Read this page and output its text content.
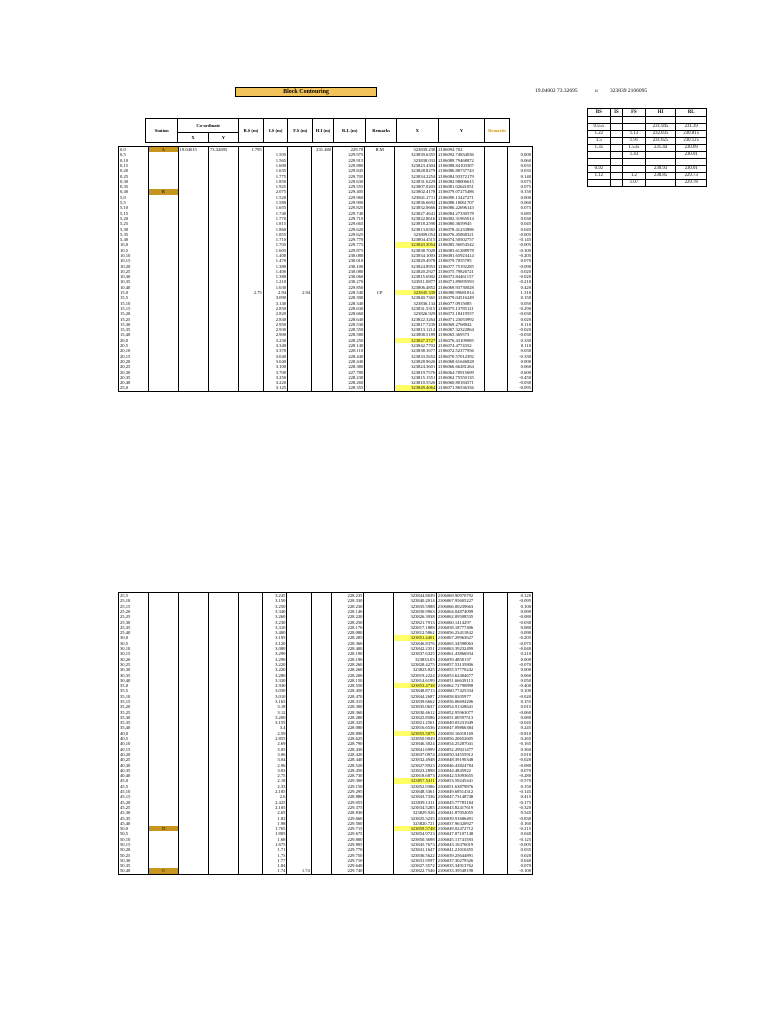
Block Contouring	19.04002 73.32695	u 323839 2106095
Station	Co-ordinate		B.S (m)	I.S (m)	F.S (m)	H.I (m)	R.L (m)	Remarks	X	Y	Remarks
	X	Y									
0,0	A	19.04015	73.32695	1.795			231.480	229.78	B.M	323839.238	2106094.702		
0,5					1.505			229.975		323839.6355	2106092.74834036		0.000
0,10					1.565			229.915		323838.033	2106089.79468872		0.060
0,15					1.600			229.880		323823.4304	2106088.84103307		0.035
0,20					1.635			229.845		323828.8279	2106086.88737743		0.035
0,25					1.775			229.705		323834.2254	2106084.93372179		0.140
0,30					1.850			229.630		323831.6229	2106082.98006615		0.075
0,35					1.925			229.555		323807.0203	2106081.02641051		0.075
0,40	B				2.075			229.405		323802.4178	2106079.07275486		0.150
5,0					1.520			229.960		323841.2711	2106090.13427271		0.000
5,5					1.580			229.900		323836.6692	2106088.18061707		0.060
5,10					1.655			229.825		323832.0666	2106086.22696143		0.075
5,15					1.740			229.740		323827.4641	2106084.27330578		0.085
5,20					1.770			229.710		323822.8616	2106082.31965014		0.030
5,25					1.815			229.665		323818.2590	2106080.3659945		0.045
5,30					1.860			229.620		323813.6565	2106078.41233886		0.045
5,35					1.855			229.625		323809.054	2106076.45868321		-0.005
5,40					1.710			229.770		323804.4515	2106074.50502757		-0.145
10,0					1.705			229.775		323843.3054	2106085.56054542		-0.005
10,5					1.605			229.875		323838.7028	2106083.61288978		-0.100
10,10					1.400			230.080		323834.1003	2106081.65923414		-0.205
10,15					1.470			230.010		323829.4978	2106079.7055785		0.070
10,20					1.380			230.100		323824.8953	2106077.75192285		-0.090
10,25					1.400			230.080		323820.2927	2106075.79826721		0.020
10,30					1.380			230.060		323815.6902	2106073.84461157		-0.020
10,35					1.210			230.270		323811.0877	2106071.89095593		-0.210
10,40					1.630			229.850		323806.4852	2106069.93730028		0.420
15,0				2.75	2.94	2.94		228.540	CP	323845.339	2106080.99681814		1.310
15,5					3.090			228.390		323840.7365	2106079.04516249		0.150
15,10					3.140			228.340		323836.134	2106077.0915085		0.050
15,15					2.850			228.630		323831.5315	2106075.13785121		-0.290
15,20					2.820			228.660		323826.929	2106073.18419557		-0.030
15,25					2.840			228.640		323822.3264	2106071.23053992		0.020
15,30					2.950			228.530		323817.7239	2106069.2768842		0.110
15,35					2.930			228.550		323813.1214	2106067.32322864		-0.020
15,40					2.900			228.580		323808.5189	2106065.369573		-0.030
20,0					3.230			228.250		323847.3727	2106076.43109085		0.330
20,5					3.340			228.140		323842.7702	2106074.4774352		0.110
20,10					3.370			228.110		323838.1677	2106072.52377956		0.030
20,15					3.040			228.440		323833.5652	2106070.57012392		-0.330
20,20					3.040			228.440		323828.9626	2106068.61646828		0.000
20,25					3.100			228.380		323824.3601	2106066.66281264		0.060
20,30					3.700			227.780		323819.7576	2106064.70915699		0.600
20,35					3.250			228.230		323815.1551	2106062.75550135		-0.450
20,40					3.220			228.260		323810.5526	2106060.80184571		-0.030
25,0					3.125			228.355		323849.4064	2106071.86536356		-0.095
25,5					3.245			228.235		323844.8039	2106069.90970792		0.120
25,10					3.150			228.330		323840.2014	2106067.95605227		-0.095
25,15					3.250			228.230		323835.5988	2106066.00239663		0.100
25,20					3.340			228.140		323830.9963	2106064.04874099		0.090
25,25					3.260			228.220		323826.3938	2106062.09508535		-0.080
25,30					3.230			228.250		323821.7913	2106060.1414297		-0.030
25,35					3.310			228.170		323817.1888	2106058.18777406		0.080
25,40					3.400			228.080		323812.5862	2106056.23411842		0.090
30,0					3.195			228.285		323851.4401	2106067.29963627		-0.205
30,5					3.120			228.360		323846.8376	2106065.34598063		-0.075
30,10					3.080			228.400		323842.2351	2106063.39232499		-0.040
30,15					3.290			228.190		323837.6325	2106061.43866934		0.210
30,20					3.290			228.190		323833.03	2106059.4850137		0.000
30,25					3.220			228.260		323828.4275	2106057.53135806		-0.070
30,30					3.220			228.260		323823.825	2106055.57770242		0.000
30,35					3.280			228.200		323819.2224	2106053.62404677		0.060
30,40					3.330			228.150		323814.6199	2106051.66639113		0.050
35,0					2.930			228.550		323853.4738	2106062.72790898		-0.400
35,5					3.030			228.450		323848.8713	2106060.77425334		0.100
35,10					3.010			228.470		323844.2687	2106058.8205977		-0.020
35,15					3.165			228.315		323839.6662	2106056.86694206		0.155
35,20					3.18			228.300		323835.0637	2106054.91328641		0.015
35,25					3.12			228.360		323830.4612	2106052.95963077		-0.060
35,30					3.200			228.280		323825.8586	2106051.00597513		0.080
35,35					3.155			228.325		323821.2561	2106049.05231949		-0.045
35,40					3.4			228.080		323816.6536	2106047.09866384		0.245
40,0					2.59			228.890		323855.5075	2106058.16018169		-0.810
40,5					2.855			228.625		323850.9049	2106056.20652605		0.265
40,10					2.69			228.790		323846.3024	2106054.25287041		-0.165
40,15					3.05			228.430		323841.6999	2106052.29921477		0.360
40,20					3.06			228.420		323837.0974	2106050.34555912		0.010
40,25					3.04			228.440		323832.4948	2106048.39190348		-0.020
40,30					2.96			228.520		323827.8923	2106046.43824784		-0.080
40,35					3.03			228.450		323823.2898	2106044.4845922		0.070
40,40					2.75			228.730		323818.6873	2106042.53093655		-0.280
45,0					2.18			229.300		323857.5411	2106053.59245441		-0.570
45,5					2.33			229.150		323852.9386	2106051.63879876		0.150
45,10					2.185			229.295		323848.3361	2106049.68514312		-0.145
45,15					2.6			228.880		323843.7336	2106047.73148748		0.415
45,20					2.425			229.055		323839.1311	2106045.77783184		-0.175
45,25					2.105			229.375		323834.5285	2106043.82417619		-0.320
45,30					2.65			228.830		323829.926	2106041.87052055		0.545
45,35					1.82			229.660		323825.3235	2106039.91686491		-0.830
45,40					1.98			229.500		323820.721	2106037.96320927		0.160
50,0	D				1.765			229.715		323859.5748	2106049.02472712		-0.215
50,5					1.805			229.675		323854.9723	2106047.07107148		0.040
50,10					1.68			229.800		323850.3698	2106045.11741583		-0.125
50,15					1.675			229.805		323845.7673	2106043.16376019		-0.005
50,20					1.71			229.770		323841.1647	2106041.21010455		0.035
50,25					1.73			229.750		323836.5622	2106039.25644891		0.020
50,30					1.77			229.710		323831.9597	2106037.30279326		0.040
50,35					1.84			229.640		323827.3572	2106035.34913762		0.070
50,40	C				1.74	1.74		229.740		323822.7546	2106033.39548198		-0.100
BS	IS	FS	HI	RL

0.555			231.945	231.39
1.22		1.13	232.035	230.815
1.5		1.91	231.625	230.125
1.35		1.535	231.44	230.09
		1.43		230.01

0.92			230.93	230.01
1.12		1.2	230.85	229.73
		1.07		229.78
